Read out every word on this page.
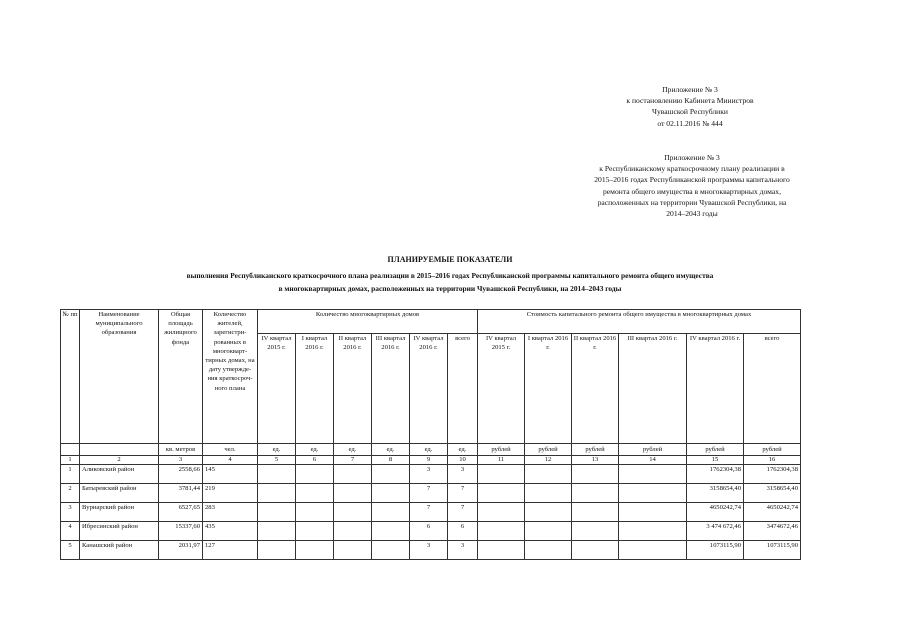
Приложение № 3
к постановлению Кабинета Министров
Чувашской Республики
от 02.11.2016 № 444
Приложение № 3
к Республиканскому краткосрочному плану реализации в
2015–2016 годах Республиканской программы капитального
ремонта общего имущества в многоквартирных домах,
расположенных на территории Чувашской Республики, на
2014–2043 годы
ПЛАНИРУЕМЫЕ ПОКАЗАТЕЛИ
выполнения Республиканского краткосрочного плана реализации в 2015–2016 годах Республиканской программы капитального ремонта общего имущества
в многоквартирных домах, расположенных на территории Чувашской Республики, на 2014–2043 годы
№ пп	Наименование муниципального образования	Общая площадь жилищного фонда	Количество жителей, зарегистри-рованных в многокварт-тирных домах, на дату утвержде-ния краткосроч-ного плана	Количество многоквартирных домов						Стоимость капитального ремонта общего имущества в многоквартирных домах					
				IV квартал 2015 г.	I квартал 2016 г.	II квартал 2016 г.	III квартал 2016 г.	IV квартал 2016 г.	всего	IV квартал 2015 г.	I квартал 2016 г.	II квартал 2016 г.	III квартал 2016 г.	IV квартал 2016 г.	всего
		кв. метров	чел.	ед.	ед.	ед.	ед.	ед.	ед.	рублей	рублей	рублей	рублей	рублей	рублей
1	2	3	4	5	6	7	8	9	10	11	12	13	14	15	16
1	Аликовский район	2558,66	145					3	3					1762304,38	1762304,38
2	Батыревский район	3781,44	219					7	7					3158654,40	3158654,40
3	Вурнарский район	6527,65	283					7	7					4650242,74	4650242,74
4	Ибресинский район	15337,60	435					6	6					3 474 672,46	3474672,46
5	Канашский район	2031,97	127					3	3					1073115,90	1073115,90
